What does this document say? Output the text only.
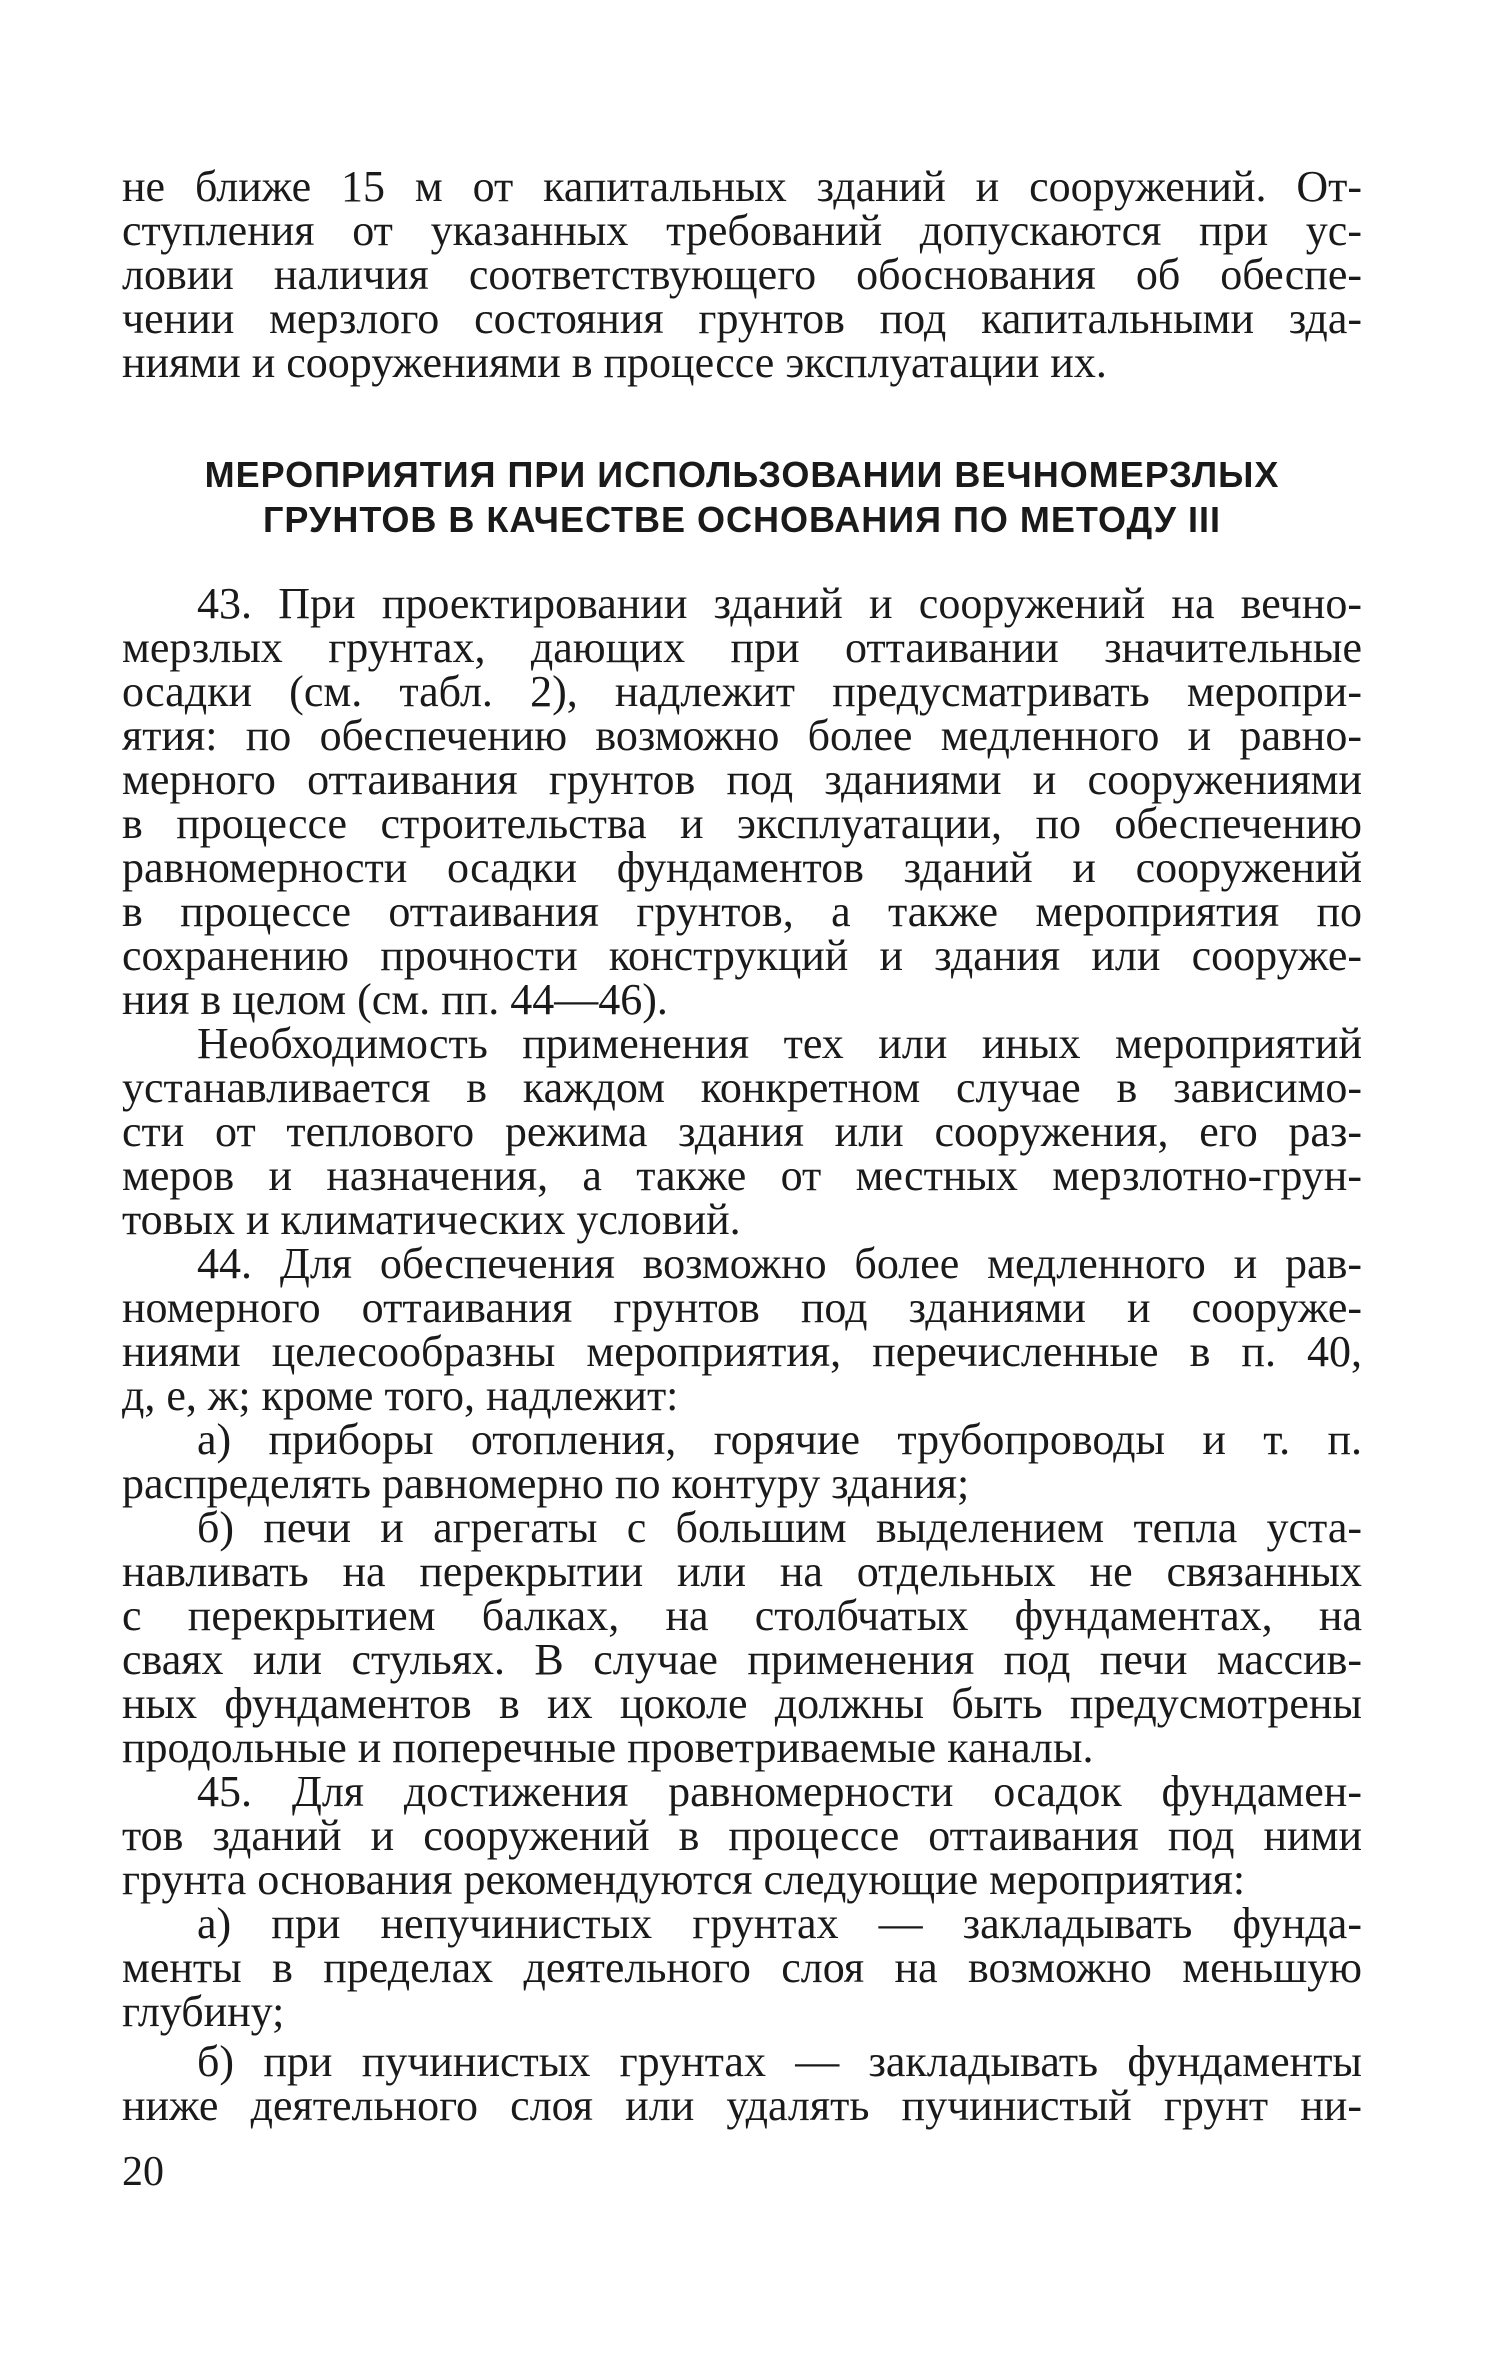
не ближе 15 м от капитальных зданий и сооружений. От-
ступления от указанных требований допускаются при ус-
ловии наличия соответствующего обоснования об обеспе-
чении мерзлого состояния грунтов под капитальными зда-
ниями и сооружениями в процессе эксплуатации их.
МЕРОПРИЯТИЯ ПРИ ИСПОЛЬЗОВАНИИ ВЕЧНОМЕРЗЛЫХ
ГРУНТОВ В КАЧЕСТВЕ ОСНОВАНИЯ ПО МЕТОДУ III
43. При проектировании зданий и сооружений на вечно-
мерзлых грунтах, дающих при оттаивании значительные
осадки (см. табл. 2), надлежит предусматривать меропри-
ятия: по обеспечению возможно более медленного и равно-
мерного оттаивания грунтов под зданиями и сооружениями
в процессе строительства и эксплуатации, по обеспечению
равномерности осадки фундаментов зданий и сооружений
в процессе оттаивания грунтов, а также мероприятия по
сохранению прочности конструкций и здания или сооруже-
ния в целом (см. пп. 44—46).
Необходимость применения тех или иных мероприятий
устанавливается в каждом конкретном случае в зависимо-
сти от теплового режима здания или сооружения, его раз-
меров и назначения, а также от местных мерзлотно-грун-
товых и климатических условий.
44. Для обеспечения возможно более медленного и рав-
номерного оттаивания грунтов под зданиями и сооруже-
ниями целесообразны мероприятия, перечисленные в п. 40,
д, е, ж; кроме того, надлежит:
а) приборы отопления, горячие трубопроводы и т. п.
распределять равномерно по контуру здания;
б) печи и агрегаты с большим выделением тепла уста-
навливать на перекрытии или на отдельных не связанных
с перекрытием балках, на столбчатых фундаментах, на
сваях или стульях. В случае применения под печи массив-
ных фундаментов в их цоколе должны быть предусмотрены
продольные и поперечные проветриваемые каналы.
45. Для достижения равномерности осадок фундамен-
тов зданий и сооружений в процессе оттаивания под ними
грунта основания рекомендуются следующие мероприятия:
а) при непучинистых грунтах — закладывать фунда-
менты в пределах деятельного слоя на возможно меньшую
глубину;
б) при пучинистых грунтах — закладывать фундаменты
ниже деятельного слоя или удалять пучинистый грунт ни-
20
